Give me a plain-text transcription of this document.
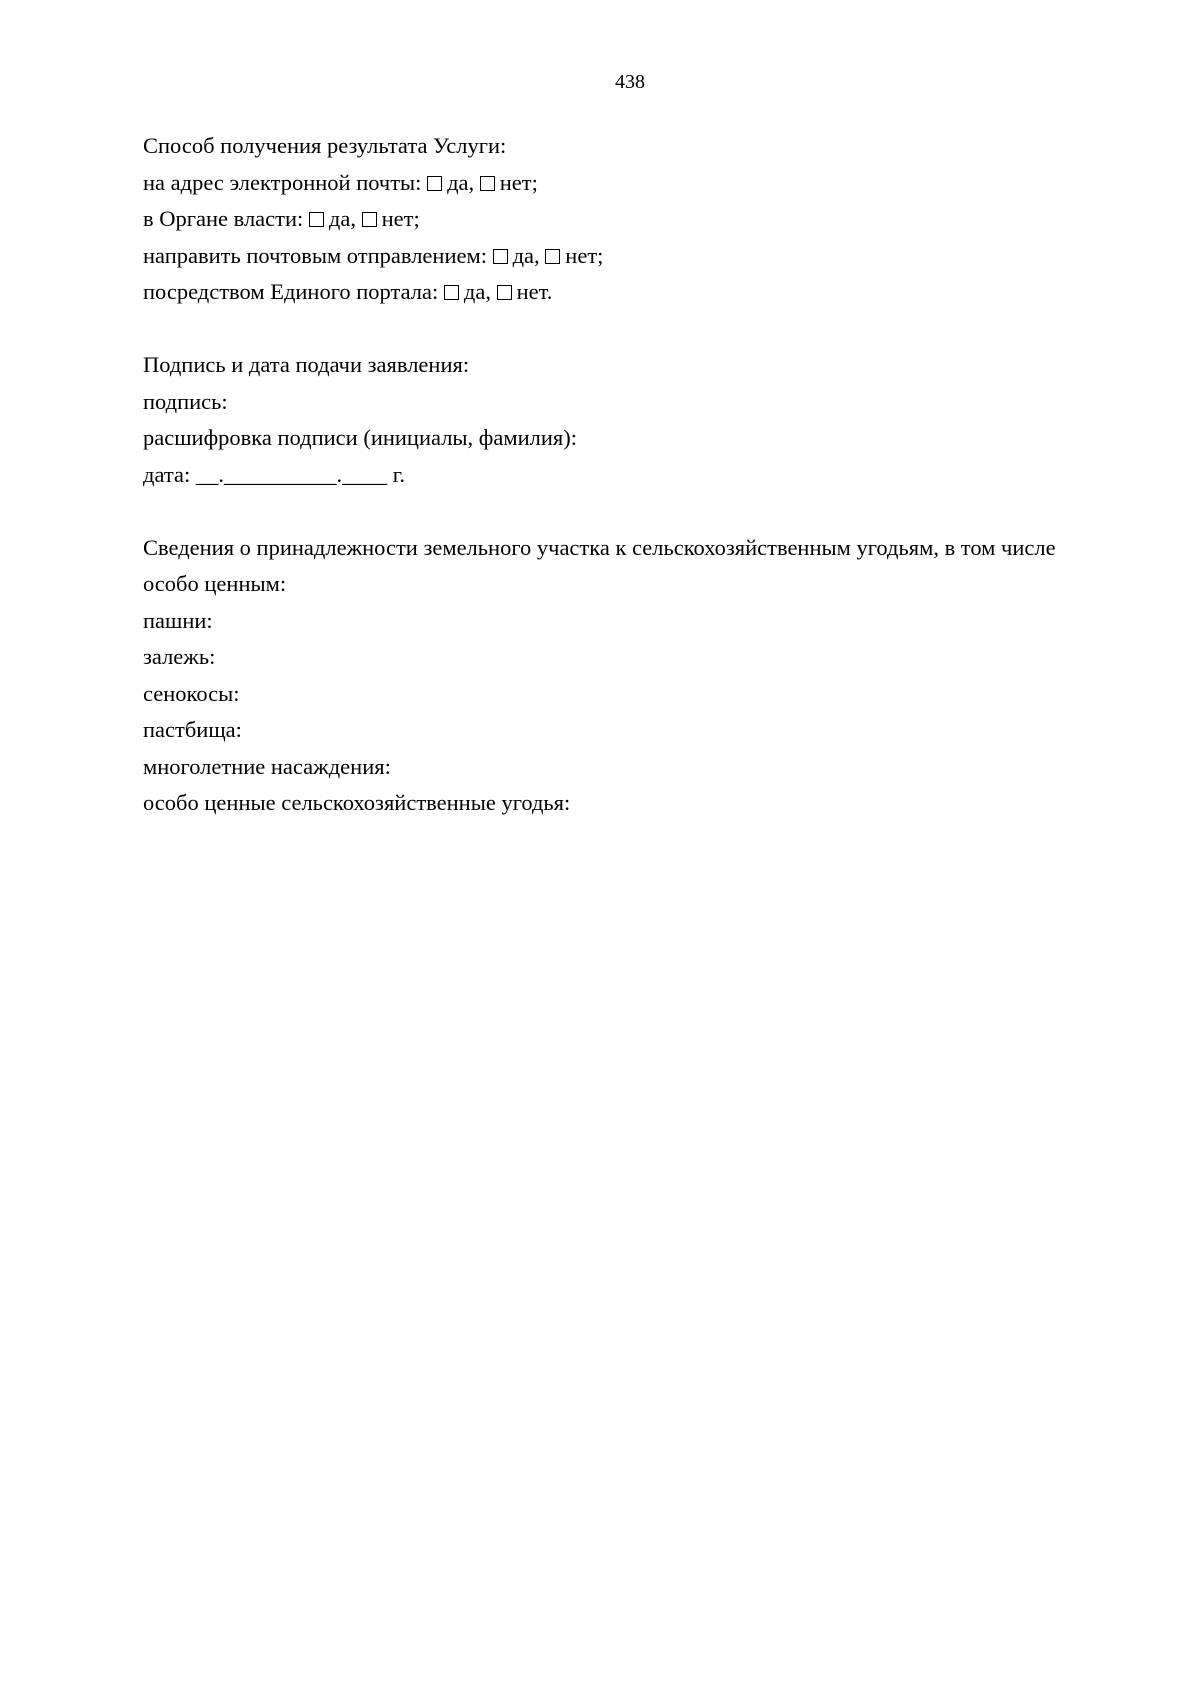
438
Способ получения результата Услуги:
на адрес электронной почты: да, нет;
в Органе власти: да, нет;
направить почтовым отправлением: да, нет;
посредством Единого портала: да, нет.
Подпись и дата подачи заявления:
подпись:
расшифровка подписи (инициалы, фамилия):
дата: __.__________.____ г.
Сведения о принадлежности земельного участка к сельскохозяйственным угодьям, в том числе особо ценным:
пашни:
залежь:
сенокосы:
пастбища:
многолетние насаждения:
особо ценные сельскохозяйственные угодья:
